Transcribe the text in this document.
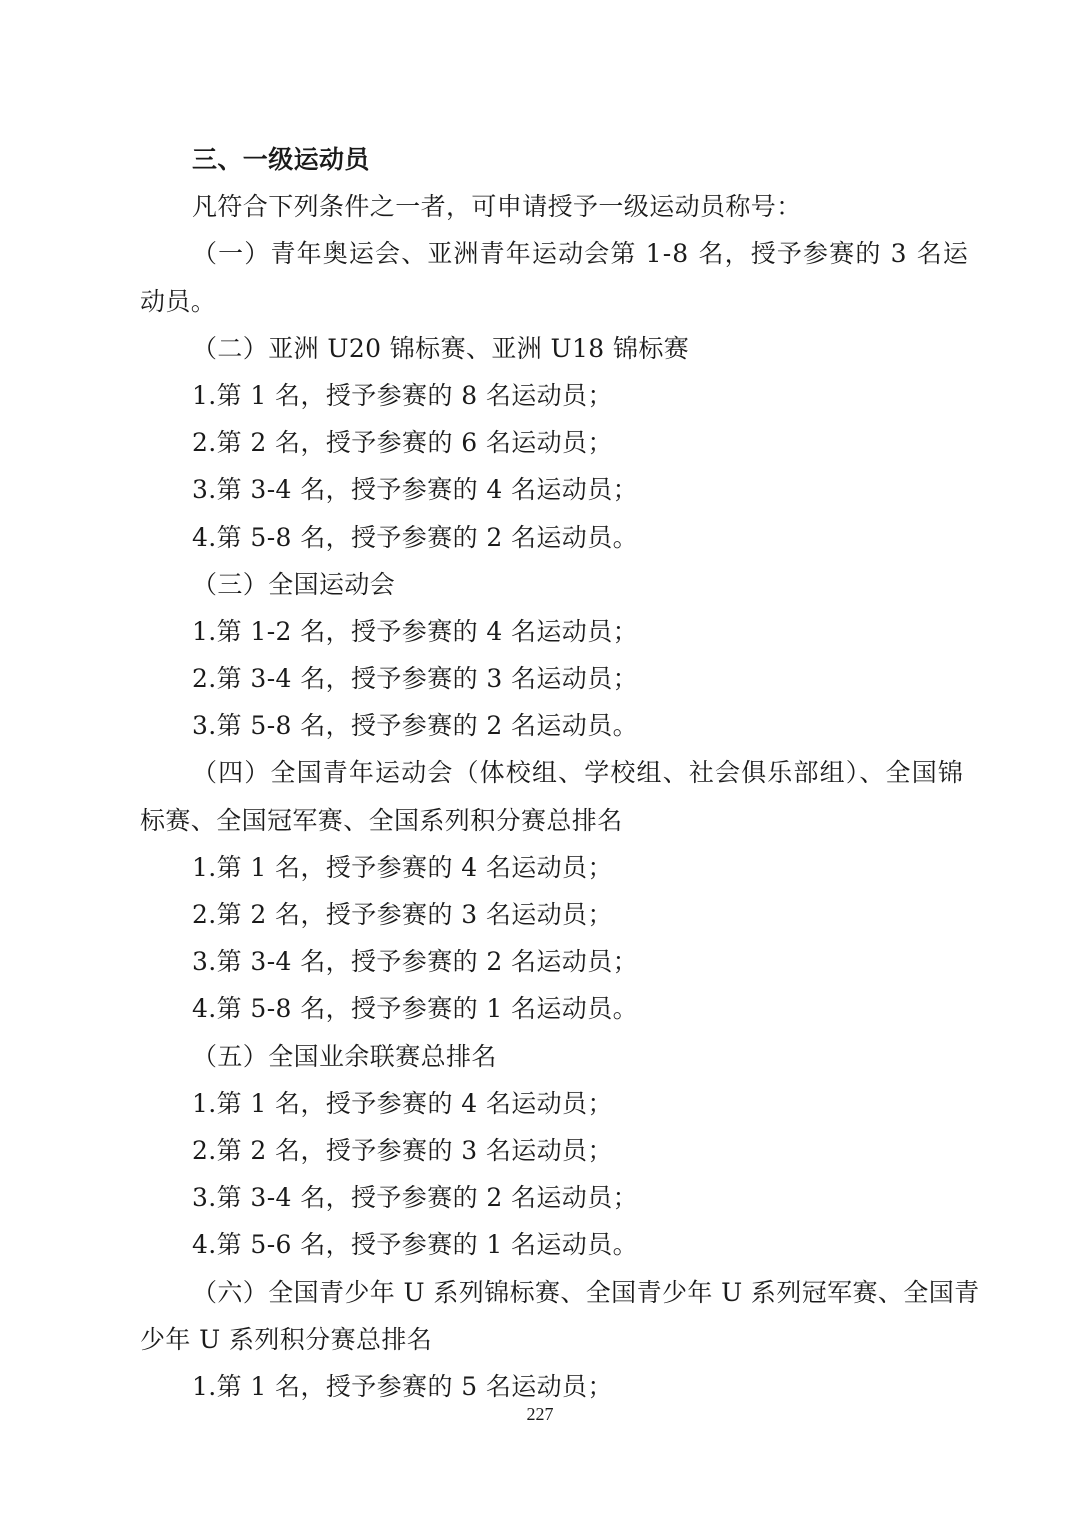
三、一级运动员
凡符合下列条件之一者，可申请授予一级运动员称号：
（一）青年奥运会、亚洲青年运动会第 1-8 名，授予参赛的 3 名运
动员。
（二）亚洲 U20 锦标赛、亚洲 U18 锦标赛
1.第 1 名，授予参赛的 8 名运动员；
2.第 2 名，授予参赛的 6 名运动员；
3.第 3-4 名，授予参赛的 4 名运动员；
4.第 5-8 名，授予参赛的 2 名运动员。
（三）全国运动会
1.第 1-2 名，授予参赛的 4 名运动员；
2.第 3-4 名，授予参赛的 3 名运动员；
3.第 5-8 名，授予参赛的 2 名运动员。
（四）全国青年运动会（体校组、学校组、社会俱乐部组）、全国锦
标赛、全国冠军赛、全国系列积分赛总排名
1.第 1 名，授予参赛的 4 名运动员；
2.第 2 名，授予参赛的 3 名运动员；
3.第 3-4 名，授予参赛的 2 名运动员；
4.第 5-8 名，授予参赛的 1 名运动员。
（五）全国业余联赛总排名
1.第 1 名，授予参赛的 4 名运动员；
2.第 2 名，授予参赛的 3 名运动员；
3.第 3-4 名，授予参赛的 2 名运动员；
4.第 5-6 名，授予参赛的 1 名运动员。
（六）全国青少年 U 系列锦标赛、全国青少年 U 系列冠军赛、全国青
少年 U 系列积分赛总排名
1.第 1 名，授予参赛的 5 名运动员；
227
